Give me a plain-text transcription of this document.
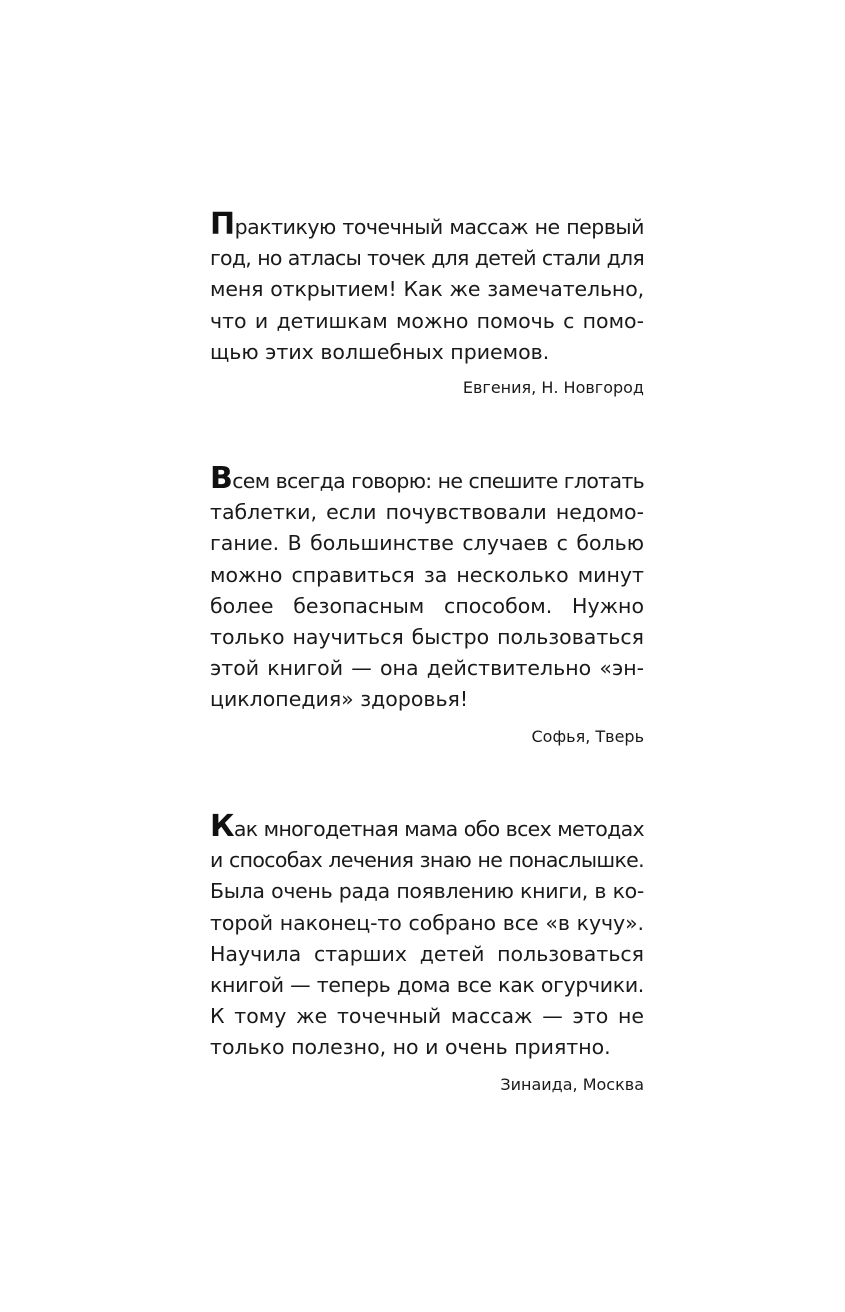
Практикую точечный массаж не первый
год, но атласы точек для детей стали для
меня открытием! Как же замечательно,
что и детишкам можно помочь с помо-
щью этих волшебных приемов.
Евгения, Н. Новгород
Всем всегда говорю: не спешите глотать
таблетки, если почувствовали недомо-
гание. В большинстве случаев с болью
можно справиться за несколько минут
более безопасным способом. Нужно
только научиться быстро пользоваться
этой книгой — она действительно «эн-
циклопедия» здоровья!
Софья, Тверь
Как многодетная мама обо всех методах
и способах лечения знаю не понаслышке.
Была очень рада появлению книги, в ко-
торой наконец-то собрано все «в кучу».
Научила старших детей пользоваться
книгой — теперь дома все как огурчики.
К тому же точечный массаж — это не
только полезно, но и очень приятно.
Зинаида, Москва
